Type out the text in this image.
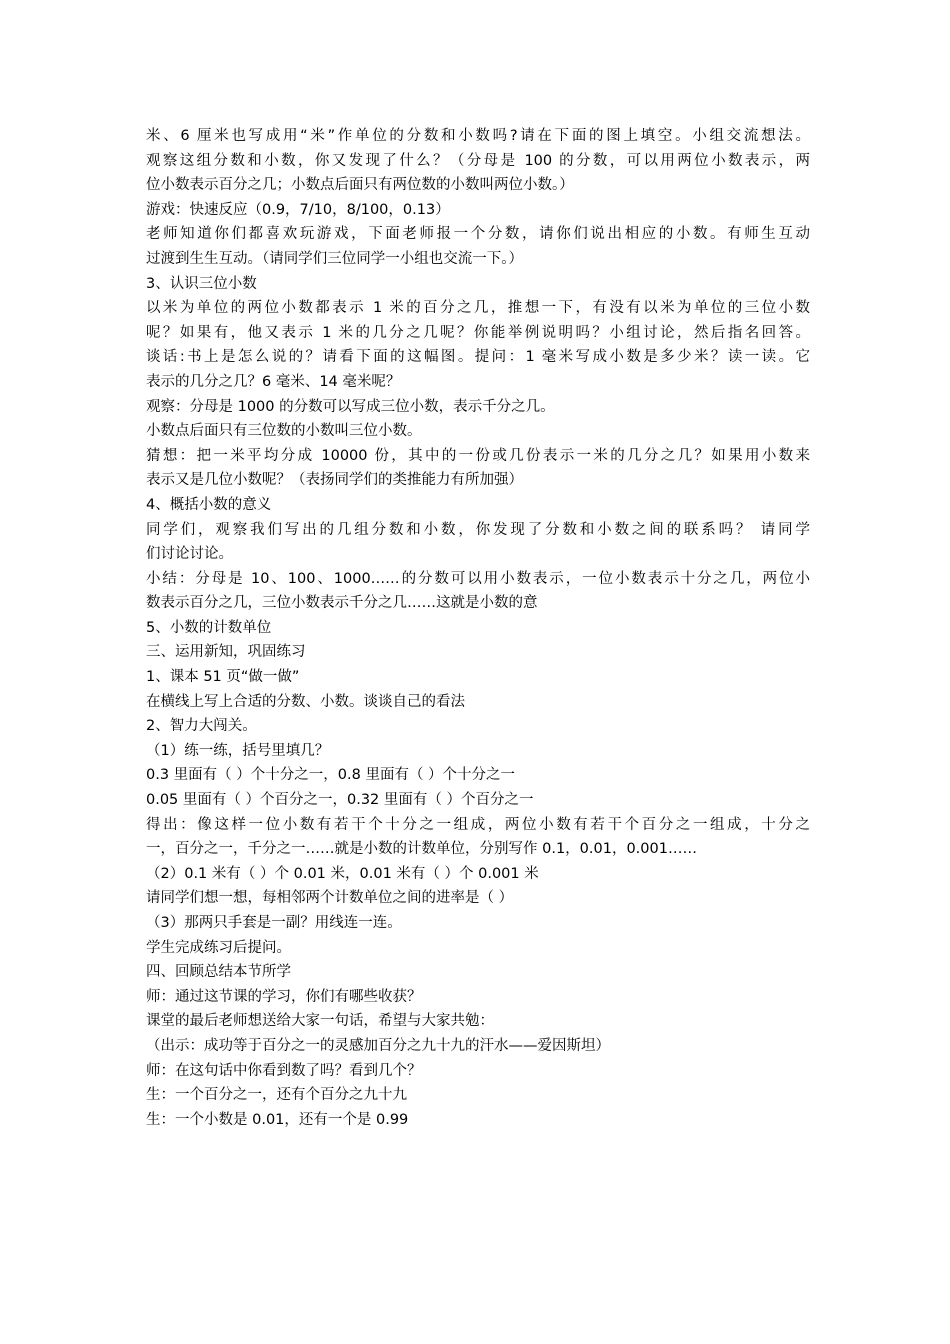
米、6 厘米也写成用“米”作单位的分数和小数吗?请在下面的图上填空。小组交流想法。
观察这组分数和小数，你又发现了什么？（分母是 100 的分数，可以用两位小数表示，两
位小数表示百分之几；小数点后面只有两位数的小数叫两位小数。）
游戏：快速反应（0.9，7/10，8/100，0.13）
老师知道你们都喜欢玩游戏，下面老师报一个分数，请你们说出相应的小数。有师生互动
过渡到生生互动。（请同学们三位同学一小组也交流一下。）
3、认识三位小数
以米为单位的两位小数都表示 1 米的百分之几，推想一下，有没有以米为单位的三位小数
呢？如果有，他又表示 1 米的几分之几呢？你能举例说明吗？小组讨论，然后指名回答。
谈话:书上是怎么说的？请看下面的这幅图。提问：1 毫米写成小数是多少米？读一读。它
表示的几分之几？6 毫米、14 毫米呢？
观察：分母是 1000 的分数可以写成三位小数，表示千分之几。
小数点后面只有三位数的小数叫三位小数。
猜想：把一米平均分成 10000 份，其中的一份或几份表示一米的几分之几？如果用小数来
表示又是几位小数呢？（表扬同学们的类推能力有所加强）
4、概括小数的意义
同学们，观察我们写出的几组分数和小数，你发现了分数和小数之间的联系吗？ 请同学
们讨论讨论。
小结：分母是 10、100、1000……的分数可以用小数表示，一位小数表示十分之几，两位小
数表示百分之几，三位小数表示千分之几……这就是小数的意
5、小数的计数单位
三、运用新知，巩固练习
1、课本 51 页“做一做”
在横线上写上合适的分数、小数。谈谈自己的看法
2、智力大闯关。
（1）练一练，括号里填几？
0.3 里面有（ ）个十分之一，0.8 里面有（ ）个十分之一
0.05 里面有（ ）个百分之一，0.32 里面有（ ）个百分之一
得出：像这样一位小数有若干个十分之一组成，两位小数有若干个百分之一组成，十分之
一，百分之一，千分之一……就是小数的计数单位，分别写作 0.1，0.01，0.001……
（2）0.1 米有（ ）个 0.01 米，0.01 米有（ ）个 0.001 米
请同学们想一想，每相邻两个计数单位之间的进率是（ ）
（3）那两只手套是一副？用线连一连。
学生完成练习后提问。
四、回顾总结本节所学
师：通过这节课的学习，你们有哪些收获？
课堂的最后老师想送给大家一句话，希望与大家共勉：
（出示：成功等于百分之一的灵感加百分之九十九的汗水——爱因斯坦）
师：在这句话中你看到数了吗？看到几个？
生：一个百分之一，还有个百分之九十九
生：一个小数是 0.01，还有一个是 0.99
